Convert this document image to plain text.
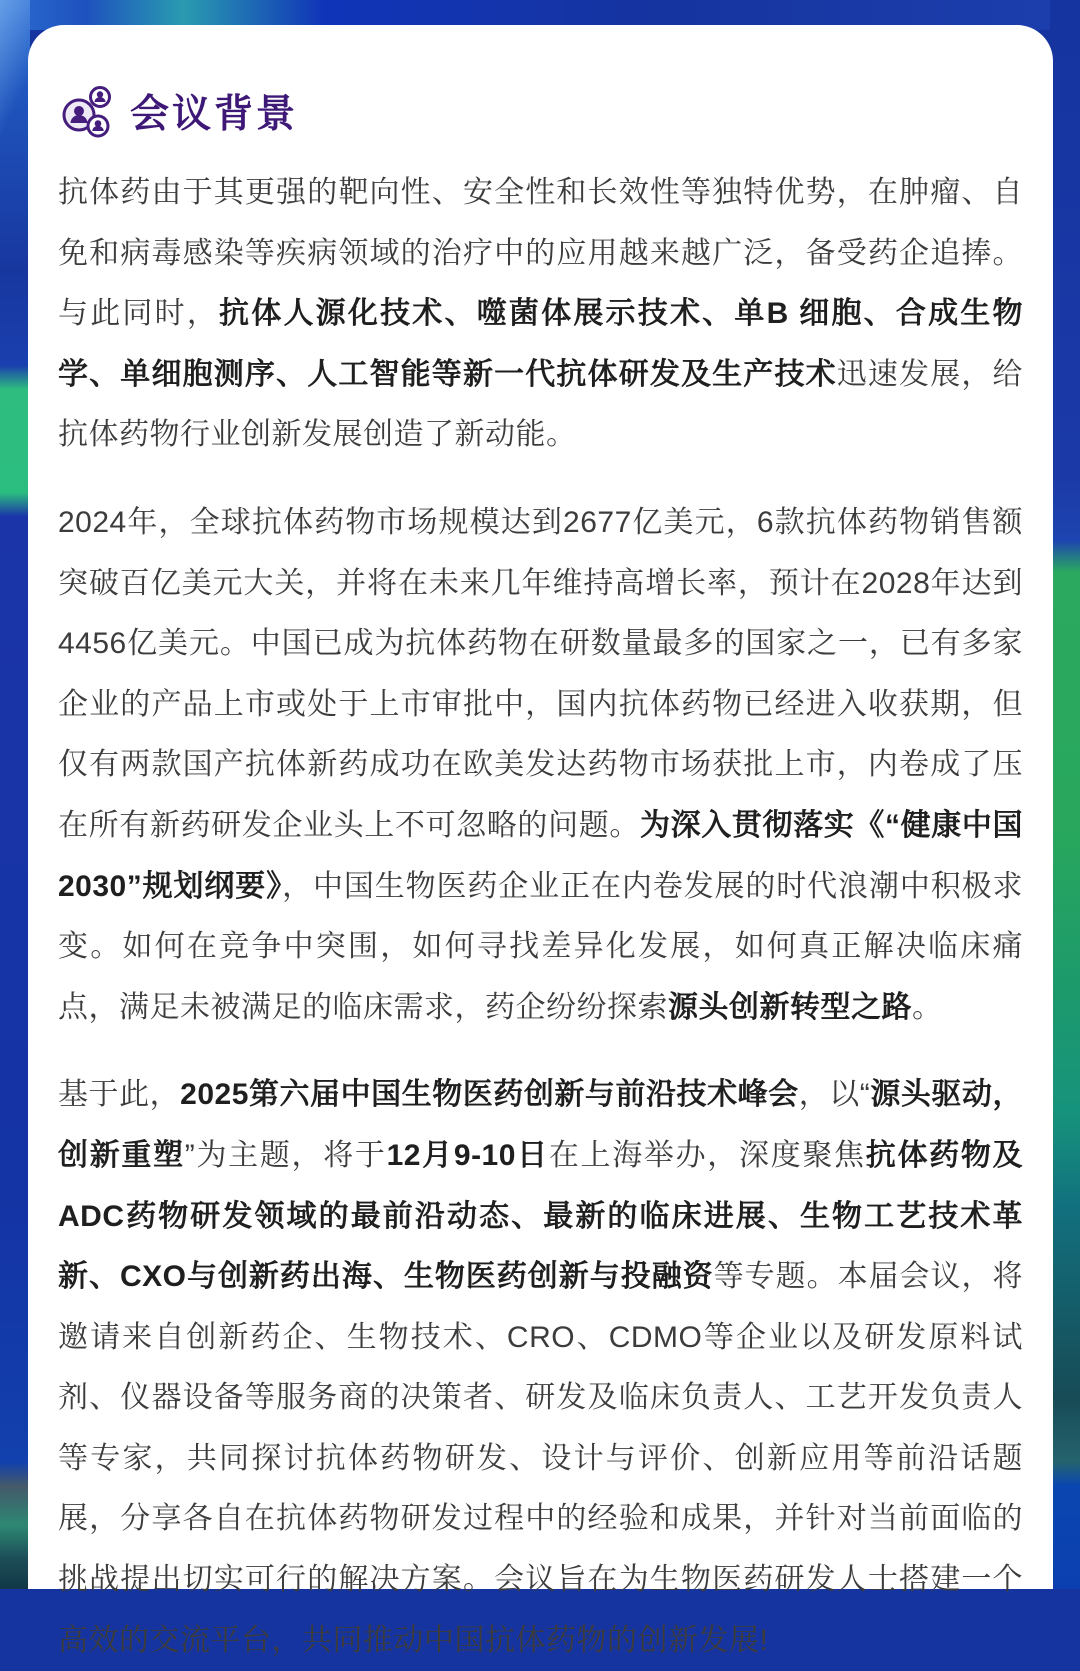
会议背景

抗体药由于其更强的靶向性、安全性和长效性等独特优势，在肿瘤、自免和病毒感染等疾病领域的治疗中的应用越来越广泛，备受药企追捧。与此同时，抗体人源化技术、噬菌体展示技术、单B 细胞、合成生物学、单细胞测序、人工智能等新一代抗体研发及生产技术迅速发展，给抗体药物行业创新发展创造了新动能。

2024年，全球抗体药物市场规模达到2677亿美元，6款抗体药物销售额突破百亿美元大关，并将在未来几年维持高增长率，预计在2028年达到4456亿美元。中国已成为抗体药物在研数量最多的国家之一，已有多家企业的产品上市或处于上市审批中，国内抗体药物已经进入收获期，但仅有两款国产抗体新药成功在欧美发达药物市场获批上市，内卷成了压在所有新药研发企业头上不可忽略的问题。为深入贯彻落实《“健康中国2030”规划纲要》，中国生物医药企业正在内卷发展的时代浪潮中积极求变。如何在竞争中突围，如何寻找差异化发展，如何真正解决临床痛点，满足未被满足的临床需求，药企纷纷探索源头创新转型之路。

基于此，2025第六届中国生物医药创新与前沿技术峰会，以“源头驱动，创新重塑”为主题，将于12月9-10日在上海举办，深度聚焦抗体药物及ADC药物研发领域的最前沿动态、最新的临床进展、生物工艺技术革新、CXO与创新药出海、生物医药创新与投融资等专题。本届会议，将邀请来自创新药企、生物技术、CRO、CDMO等企业以及研发原料试剂、仪器设备等服务商的决策者、研发及临床负责人、工艺开发负责人等专家，共同探讨抗体药物研发、设计与评价、创新应用等前沿话题展，分享各自在抗体药物研发过程中的经验和成果，并针对当前面临的挑战提出切实可行的解决方案。会议旨在为生物医药研发人士搭建一个高效的交流平台，共同推动中国抗体药物的创新发展!
